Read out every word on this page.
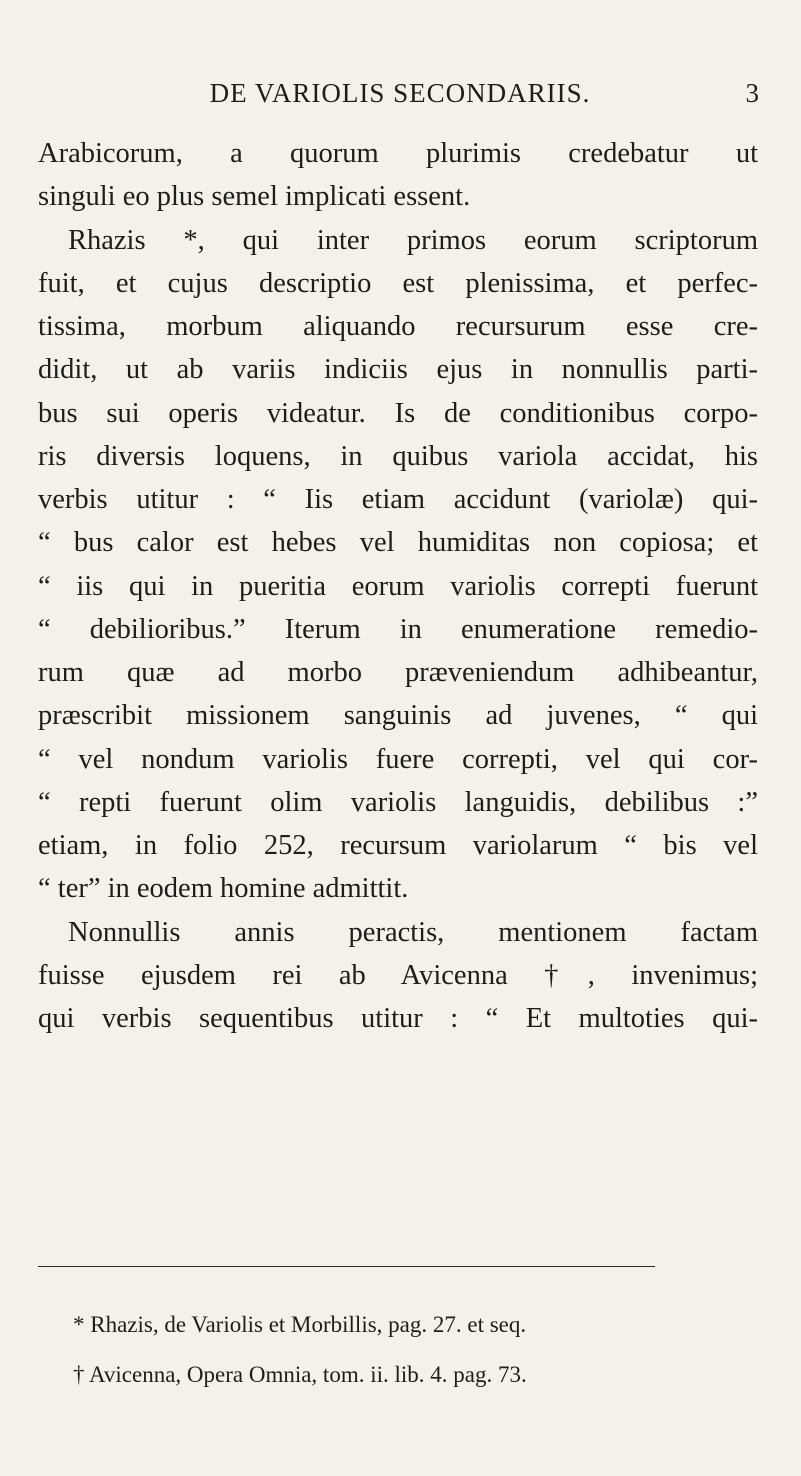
DE VARIOLIS SECONDARIIS.	3
Arabicorum, a quorum plurimis credebatur ut
singuli eo plus semel implicati essent.
Rhazis *, qui inter primos eorum scriptorum
fuit, et cujus descriptio est plenissima, et perfec-
tissima, morbum aliquando recursurum esse cre-
didit, ut ab variis indiciis ejus in nonnullis parti-
bus sui operis videatur. Is de conditionibus corpo-
ris diversis loquens, in quibus variola accidat, his
verbis utitur : “ Iis etiam accidunt (variolæ) qui-
“ bus calor est hebes vel humiditas non copiosa; et
“ iis qui in pueritia eorum variolis correpti fuerunt
“ debilioribus.” Iterum in enumeratione remedio-
rum quæ ad morbo præveniendum adhibeantur,
præscribit missionem sanguinis ad juvenes, “ qui
“ vel nondum variolis fuere correpti, vel qui cor-
“ repti fuerunt olim variolis languidis, debilibus :”
etiam, in folio 252, recursum variolarum “ bis vel
“ ter” in eodem homine admittit.
Nonnullis annis peractis, mentionem factam
fuisse ejusdem rei ab Avicenna †, invenimus;
qui verbis sequentibus utitur : “ Et multoties qui-
* Rhazis, de Variolis et Morbillis, pag. 27. et seq.
† Avicenna, Opera Omnia, tom. ii. lib. 4. pag. 73.
